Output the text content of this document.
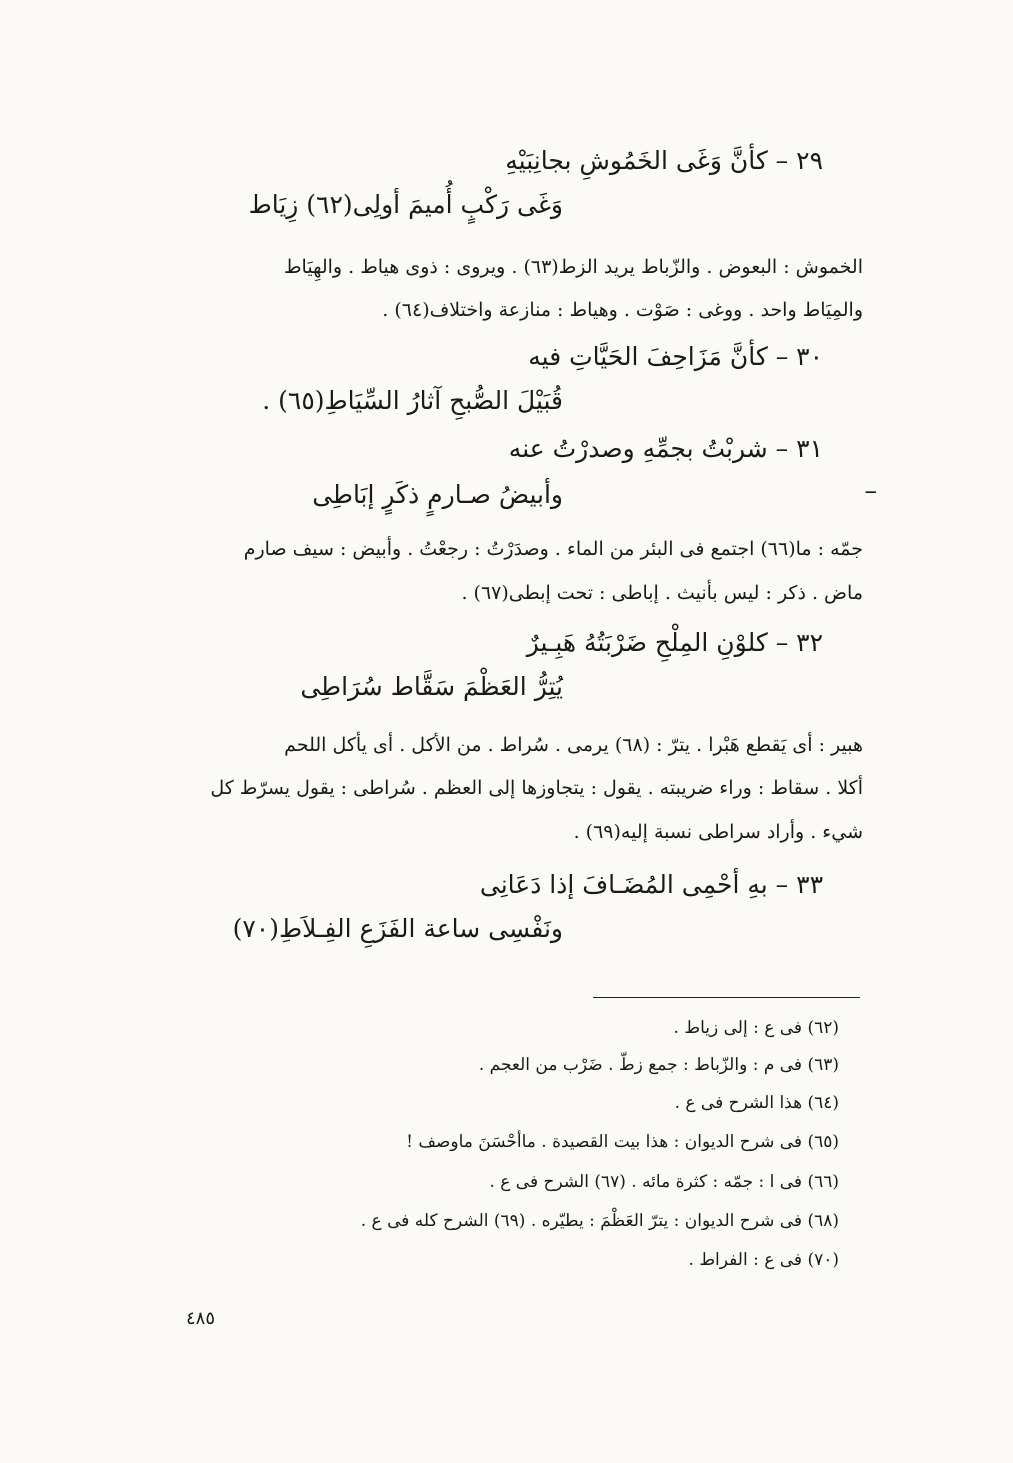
٢٩ – كأنَّ وَغَى الخَمُوشِ بجانِبَيْهِ
وَغَى رَكْبٍ أُميمَ أولِى(٦٢) زِيَاط
الخموش : البعوض . والزّباط يريد الزط(٦٣) . ويروى : ذوى هياط . والهِيَاط
والمِيَاط واحد . ووغى : صَوْت . وهياط : منازعة واختلاف(٦٤) .
٣٠ – كأنَّ مَزَاحِفَ الحَيَّاتِ فيه
قُبَيْلَ الصُّبحِ آثارُ السِّيَاطِ(٦٥) .
٣١ – شربْتُ بجمِّهِ وصدرْتُ عنه
–
وأبيضُ صـارمٍ ذكَرٍ إبَاطِى
جمّه : ما(٦٦) اجتمع فى البئر من الماء . وصدَرْتُ : رجعْتُ . وأبيض : سيف صارم
ماض . ذكر : ليس بأنيث . إباطى : تحت إبطى(٦٧) .
٣٢ – كلوْنِ المِلْحِ ضَرْبَتُهُ هَبِـيرٌ
يُتِرُّ العَظْمَ سَقَّاط سُرَاطِى
هبير : أى يَقطع هَبْرا . يترّ : (٦٨) يرمى . سُراط . من الأكل . أى يأكل اللحم
أكلا . سقاط : وراء ضريبته . يقول : يتجاوزها إلى العظم . سُراطى : يقول يسرّط كل
شيء . وأراد سراطى نسبة إليه(٦٩) .
٣٣ – بهِ أحْمِى المُضَـافَ إذا دَعَانِى
ونَفْسِى ساعة الفَزَعِ الفِـلاَطِ(٧٠)
(٦٢) فى ع : إلى زياط .
(٦٣) فى م : والزّباط : جمع زطّ . ضَرْب من العجم .
(٦٤) هذا الشرح فى ع .
(٦٥) فى شرح الديوان : هذا بيت القصيدة . ماأحْسَنَ ماوصف !
(٦٦) فى ا : جمّه : كثرة مائه . (٦٧) الشرح فى ع .
(٦٨) فى شرح الديوان : يترّ العَظْمَ : يطيّره . (٦٩) الشرح كله فى ع .
(٧٠) فى ع : الفراط .
٤٨٥
